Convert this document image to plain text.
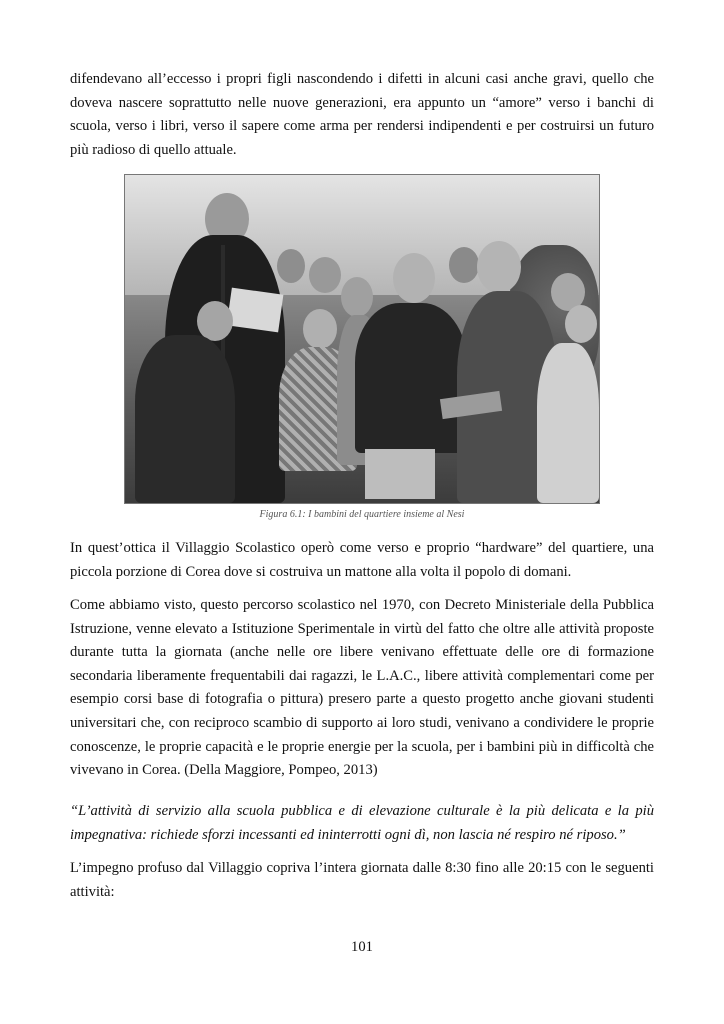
difendevano all’eccesso i propri figli nascondendo i difetti in alcuni casi anche gravi, quello che doveva nascere soprattutto nelle nuove generazioni, era appunto un “amore” verso i banchi di scuola, verso i libri, verso il sapere come arma per rendersi indipendenti e per costruirsi un futuro più radioso di quello attuale.

Figura 6.1: I bambini del quartiere insieme al Nesi

In quest’ottica il Villaggio Scolastico operò come verso e proprio “hardware” del quartiere, una piccola porzione di Corea dove si costruiva un mattone alla volta il popolo di domani.

Come abbiamo visto, questo percorso scolastico nel 1970, con Decreto Ministeriale della Pubblica Istruzione, venne elevato a Istituzione Sperimentale in virtù del fatto che oltre alle attività proposte durante tutta la giornata (anche nelle ore libere venivano effettuate delle ore di formazione secondaria liberamente frequentabili dai ragazzi, le L.A.C., libere attività complementari come per esempio corsi base di fotografia o pittura) presero parte a questo progetto anche giovani studenti universitari che, con reciproco scambio di supporto ai loro studi, venivano a condividere le proprie conoscenze, le proprie capacità e le proprie energie per la scuola, per i bambini più in difficoltà che vivevano in Corea. (Della Maggiore, Pompeo, 2013)

“L’attività di servizio alla scuola pubblica e di elevazione culturale è la più delicata e la più impegnativa: richiede sforzi incessanti ed ininterrotti ogni dì, non lascia né respiro né riposo.”

L’impegno profuso dal Villaggio copriva l’intera giornata dalle 8:30 fino alle 20:15 con le seguenti attività:

101
